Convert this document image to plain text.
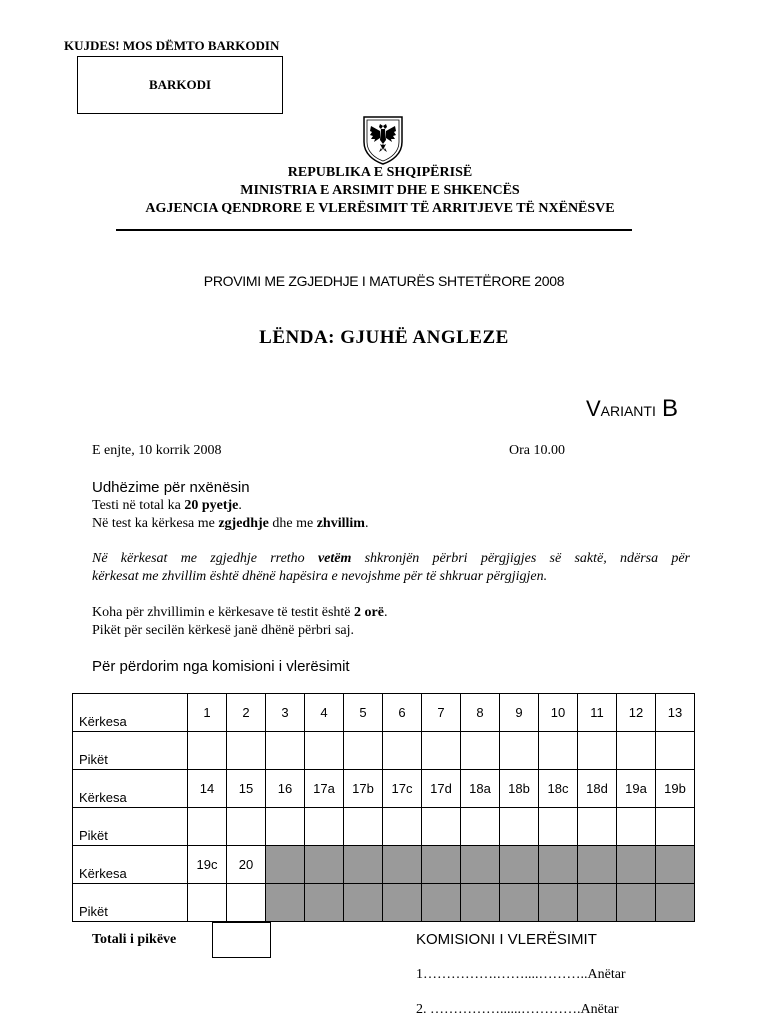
KUJDES! MOS DËMTO BARKODIN
BARKODI
REPUBLIKA E SHQIPËRISË
MINISTRIA E ARSIMIT DHE E SHKENCËS
AGJENCIA QENDRORE E VLERËSIMIT TË ARRITJEVE TË NXËNËSVE
PROVIMI ME ZGJEDHJE I MATURËS SHTETËRORE 2008
LËNDA: GJUHË ANGLEZE
VARIANTI B
E enjte, 10 korrik 2008	Ora 10.00
Udhëzime për nxënësin
Testi në total ka 20 pyetje.
Në test ka kërkesa me zgjedhje dhe me zhvillim.
Në kërkesat me zgjedhje rretho vetëm shkronjën përbri përgjigjes së saktë, ndërsa për
kërkesat me zhvillim është dhënë hapësira e nevojshme për të shkruar përgjigjen.
Koha për zhvillimin e kërkesave të testit është 2 orë.
Pikët për secilën kërkesë janë dhënë përbri saj.
Për përdorim nga komisioni i vlerësimit
Kërkesa	1	2	3	4	5	6	7	8	9	10	11	12	13
Pikët													
Kërkesa	14	15	16	17a	17b	17c	17d	18a	18b	18c	18d	19a	19b
Pikët													
Kërkesa	19c	20											
Pikët													
Totali i pikëve	KOMISIONI I VLERËSIMIT
1…………….……....………..Anëtar
2. ……………......………….Anëtar
